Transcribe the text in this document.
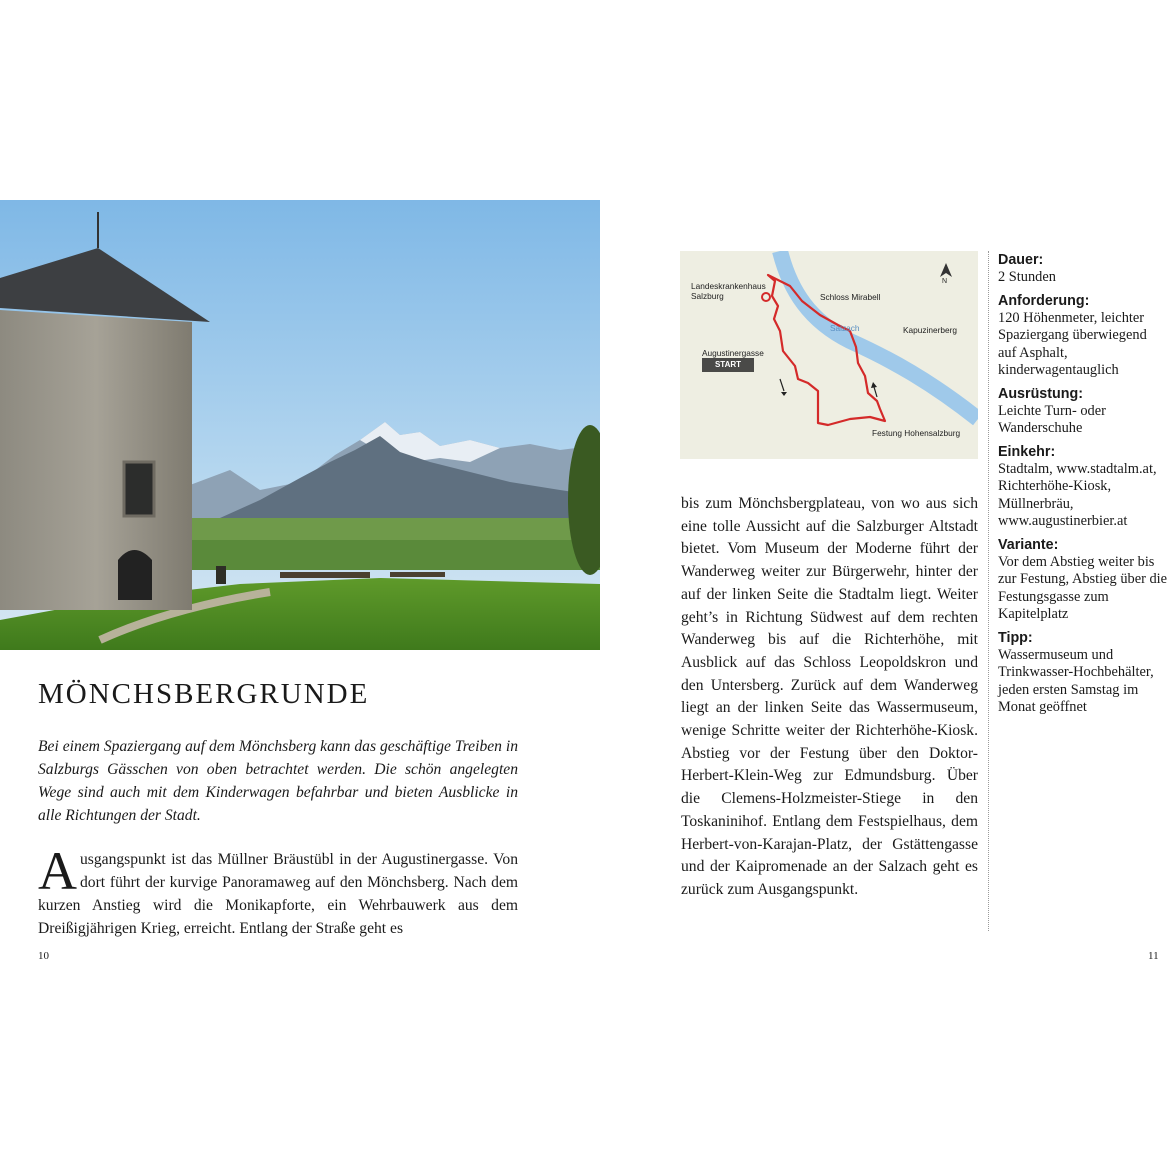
MÖNCHSBERGRUNDE

Bei einem Spaziergang auf dem Mönchsberg kann das geschäftige Treiben in Salzburgs Gässchen von oben betrachtet werden. Die schön angelegten Wege sind auch mit dem Kinderwagen befahrbar und bieten Ausblicke in alle Richtungen der Stadt.

Ausgangspunkt ist das Müllner Bräustübl in der Augustinergasse. Von dort führt der kurvige Panoramaweg auf den Mönchsberg. Nach dem kurzen Anstieg wird die Monikapforte, ein Wehrbauwerk aus dem Dreißigjährigen Krieg, erreicht. Entlang der Straße geht es
10
Landeskrankenhaus
Salzburg	Schloss Mirabell
Salzach	Kapuzinerberg
Augustinergasse
START
Festung Hohensalzburg
N

bis zum Mönchsbergplateau, von wo aus sich eine tolle Aussicht auf die Salzburger Altstadt bietet. Vom Museum der Moderne führt der Wanderweg weiter zur Bürgerwehr, hinter der auf der linken Seite die Stadtalm liegt. Weiter geht’s in Richtung Südwest auf dem rechten Wanderweg bis auf die Richterhöhe, mit Ausblick auf das Schloss Leopoldskron und den Untersberg. Zurück auf dem Wanderweg liegt an der linken Seite das Wassermuseum, wenige Schritte weiter der Richterhöhe-Kiosk. Abstieg vor der Festung über den Doktor-Herbert-Klein-Weg zur Edmundsburg. Über die Clemens-Holzmeister-Stiege in den Toskaninihof. Entlang dem Festspielhaus, dem Herbert-von-Karajan-Platz, der Gstättengasse und der Kaipromenade an der Salzach geht es zurück zum Ausgangspunkt.

11
Dauer:
2 Stunden
Anforderung:
120 Höhenmeter, leichter Spaziergang überwiegend auf Asphalt, kinderwagentauglich
Ausrüstung:
Leichte Turn- oder Wanderschuhe
Einkehr:
Stadtalm, www.stadtalm.at, Richterhöhe-Kiosk, Müllnerbräu, www.augustinerbier.at
Variante:
Vor dem Abstieg weiter bis zur Festung, Abstieg über die Festungsgasse zum Kapitelplatz
Tipp:
Wassermuseum und Trinkwasser-Hochbehälter, jeden ersten Samstag im Monat geöffnet
